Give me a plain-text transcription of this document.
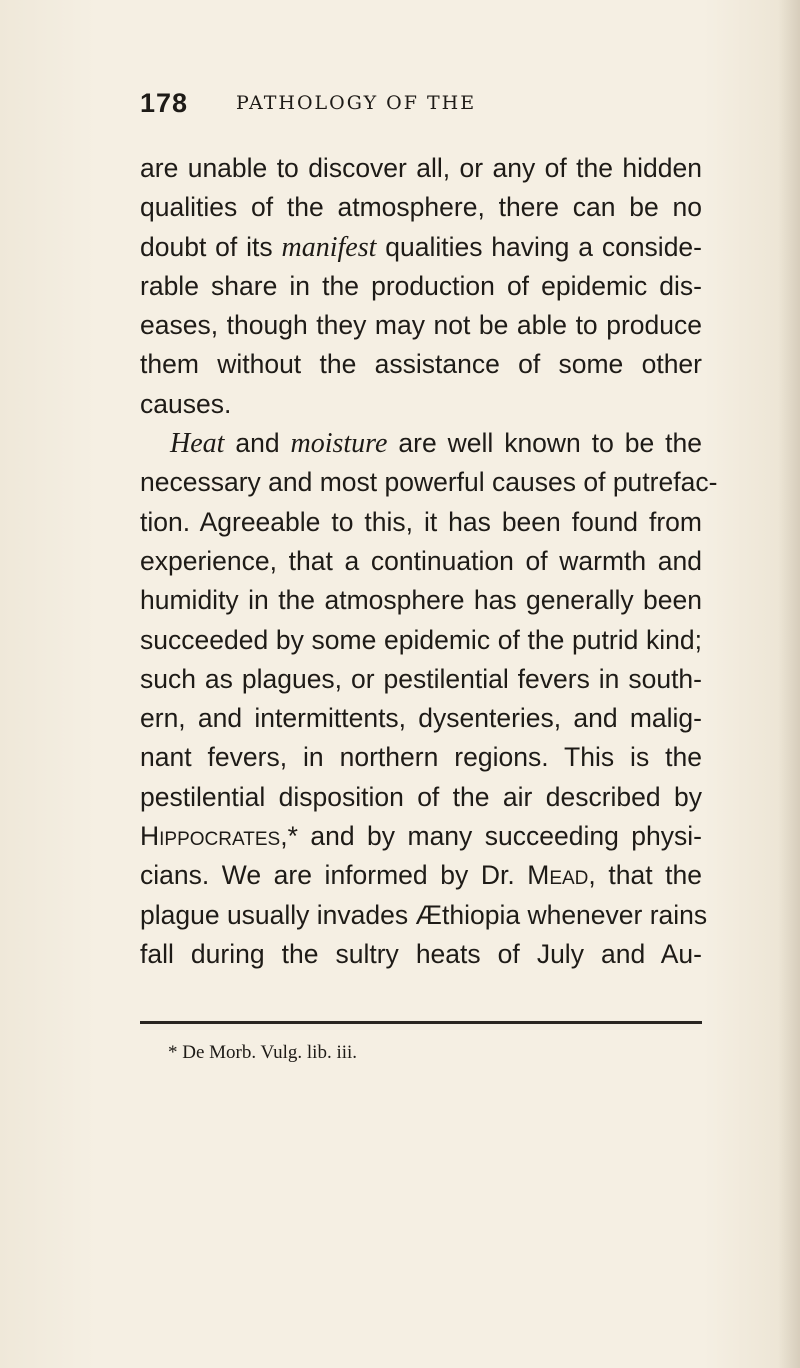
178	PATHOLOGY OF THE
are unable to discover all, or any of the hidden
qualities of the atmosphere, there can be no
doubt of its manifest qualities having a conside-
rable share in the production of epidemic dis-
eases, though they may not be able to produce
them without the assistance of some other
causes.
Heat and moisture are well known to be the
necessary and most powerful causes of putrefac-
tion. Agreeable to this, it has been found from
experience, that a continuation of warmth and
humidity in the atmosphere has generally been
succeeded by some epidemic of the putrid kind;
such as plagues, or pestilential fevers in south-
ern, and intermittents, dysenteries, and malig-
nant fevers, in northern regions. This is the
pestilential disposition of the air described by
Hippocrates,* and by many succeeding physi-
cians. We are informed by Dr. Mead, that the
plague usually invades Æthiopia whenever rains
fall during the sultry heats of July and Au-
* De Morb. Vulg. lib. iii.
